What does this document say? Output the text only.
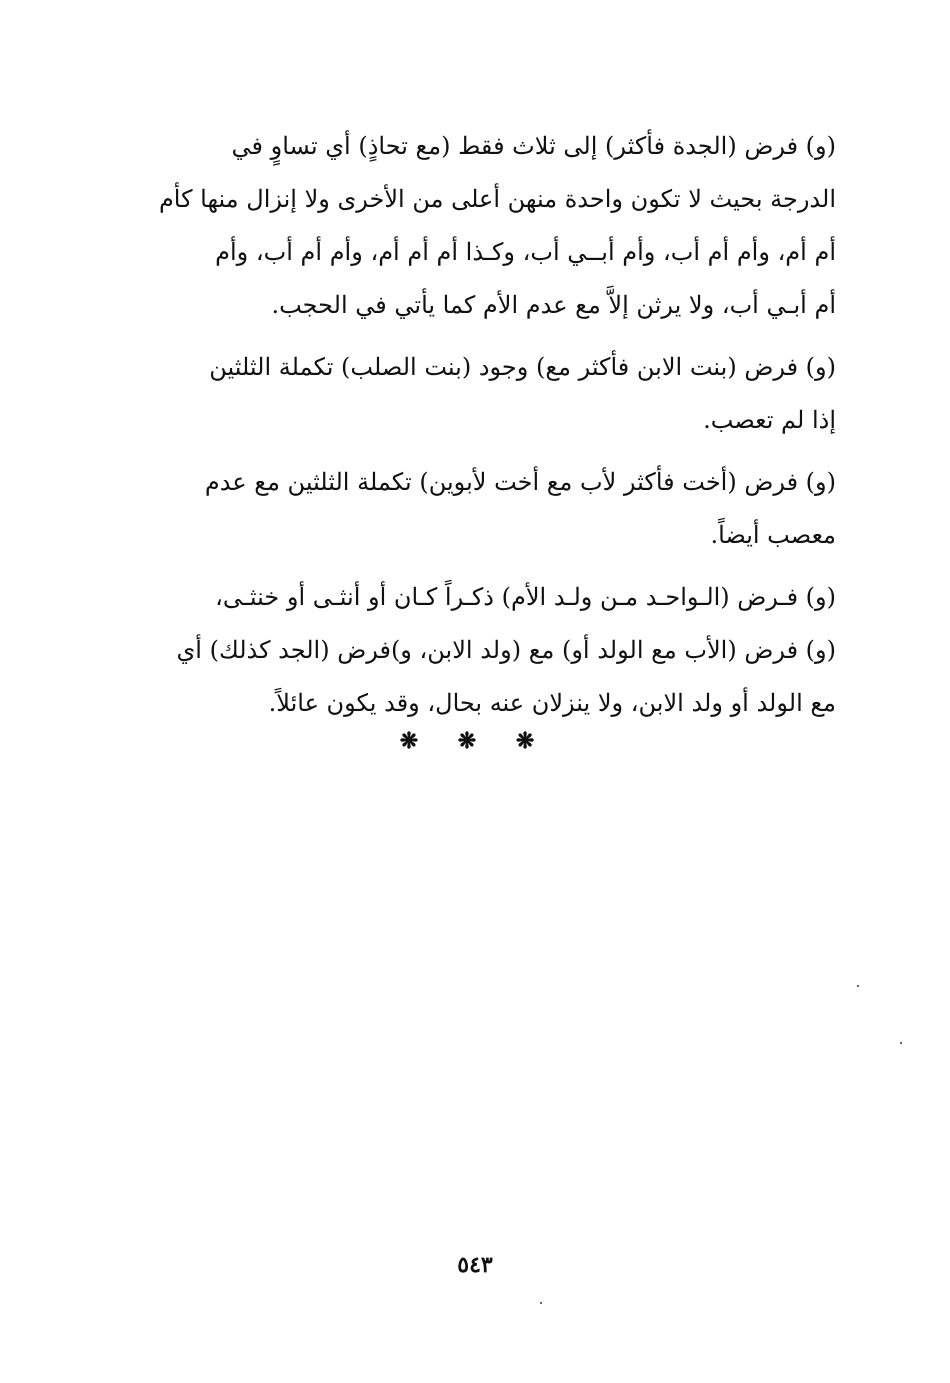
(و) فرض (الجدة فأكثر) إلى ثلاث فقط (مع تحاذٍ) أي تساوٍ في
الدرجة بحيث لا تكون واحدة منهن أعلى من الأخرى ولا إنزال منها كأم
أم أم، وأم أم أب، وأم أبــي أب، وكـذا أم أم أم، وأم أم أب، وأم
أم أبـي أب، ولا يرثن إلاَّ مع عدم الأم كما يأتي في الحجب.

(و) فرض (بنت الابن فأكثر مع) وجود (بنت الصلب) تكملة الثلثين
إذا لم تعصب.

(و) فرض (أخت فأكثر لأب مع أخت لأبوين) تكملة الثلثين مع عدم
معصب أيضاً.

(و) فـرض (الـواحـد مـن ولـد الأم) ذكـراً كـان أو أنثـى أو خنثـى،
(و) فرض (الأب مع الولد أو) مع (ولد الابن، و)فرض (الجد كذلك) أي
مع الولد أو ولد الابن، ولا ينزلان عنه بحال، وقد يكون عائلاً.

❋ ❋ ❋
٥٤٣
